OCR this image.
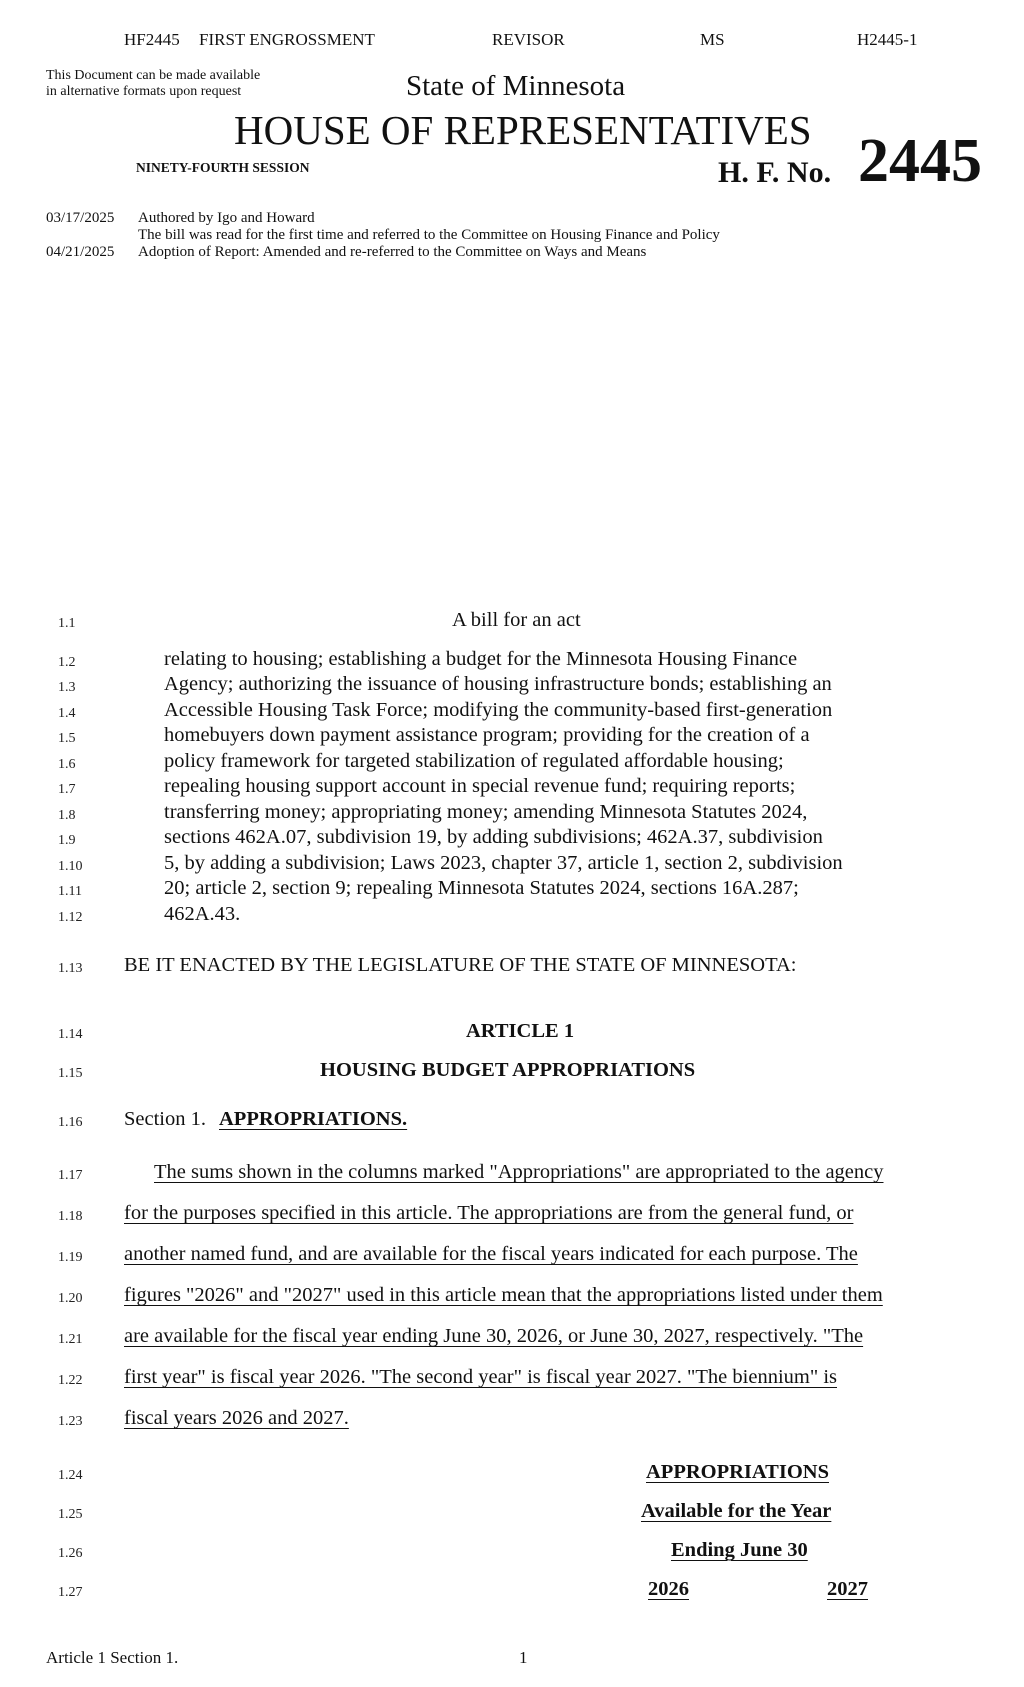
HF2445 FIRST ENGROSSMENT	REVISOR	MS	H2445-1
This Document can be made available
in alternative formats upon request	State of Minnesota
HOUSE OF REPRESENTATIVES
NINETY-FOURTH SESSION	H. F. No. 2445
03/17/2025 Authored by Igo and Howard
The bill was read for the first time and referred to the Committee on Housing Finance and Policy
04/21/2025 Adoption of Report: Amended and re-referred to the Committee on Ways and Means
1.1	A bill for an act
1.2	relating to housing; establishing a budget for the Minnesota Housing Finance
1.3	Agency; authorizing the issuance of housing infrastructure bonds; establishing an
1.4	Accessible Housing Task Force; modifying the community-based first-generation
1.5	homebuyers down payment assistance program; providing for the creation of a
1.6	policy framework for targeted stabilization of regulated affordable housing;
1.7	repealing housing support account in special revenue fund; requiring reports;
1.8	transferring money; appropriating money; amending Minnesota Statutes 2024,
1.9	sections 462A.07, subdivision 19, by adding subdivisions; 462A.37, subdivision
1.10	5, by adding a subdivision; Laws 2023, chapter 37, article 1, section 2, subdivision
1.11	20; article 2, section 9; repealing Minnesota Statutes 2024, sections 16A.287;
1.12	462A.43.
1.13 BE IT ENACTED BY THE LEGISLATURE OF THE STATE OF MINNESOTA:
1.14	ARTICLE 1
1.15	HOUSING BUDGET APPROPRIATIONS
1.16 Section 1. APPROPRIATIONS.
1.17	The sums shown in the columns marked "Appropriations" are appropriated to the agency
1.18 for the purposes specified in this article. The appropriations are from the general fund, or
1.19 another named fund, and are available for the fiscal years indicated for each purpose. The
1.20 figures "2026" and "2027" used in this article mean that the appropriations listed under them
1.21 are available for the fiscal year ending June 30, 2026, or June 30, 2027, respectively. "The
1.22 first year" is fiscal year 2026. "The second year" is fiscal year 2027. "The biennium" is
1.23 fiscal years 2026 and 2027.
1.24	APPROPRIATIONS
1.25	Available for the Year
1.26	Ending June 30
1.27	2026	2027
Article 1 Section 1.	1
